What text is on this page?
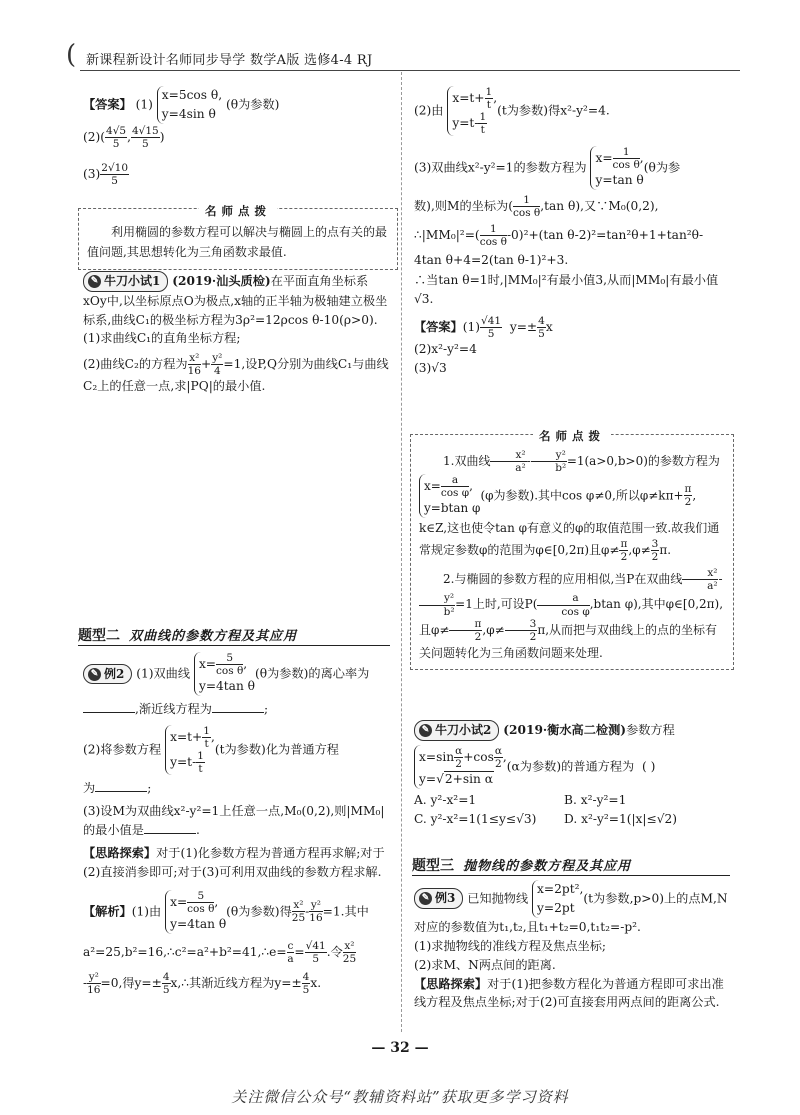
( 新课程新设计名师同步导学 数学A版 选修4-4 RJ
【答案】 (1)
x=5cos θ,
y=4sin θ
(θ为参数)
$(2)( \frac{4√5}{5}$ , $\frac{4√15}{5}$ )
$(3) \frac{2√10}{5}$
名师点拨
利用椭圆的参数方程可以解决与椭圆上的点有关的最值问题,其思想转化为三角函数求最值.
✎ 牛刀小试1 (2019·汕头质检)在平面直角坐标系xOy中,以坐标原点O为极点,x轴的正半轴为极轴建立极坐标系,曲线C₁的极坐标方程为3ρ²=12ρcos θ-10(ρ>0).
(1)求曲线C₁的直角坐标方程;
(2)曲线C₂的方程为 $\frac{\text{x²}}{16} + \frac{\text{y²}}{4} =1$,设P,Q分别为曲线C₁与曲线C₂上的任意一点,求|PQ|的最小值.
题型二 双曲线的参数方程及其应用
✎ 例2 (1)双曲线
$x= \frac{5}{\text{cos θ}}$ ,
y=4tan θ
(θ为参数)的离心率为
,渐近线方程为	;
(2)将参数方程
$x=t+ \frac{1}{t}$ ,
$y=t- \frac{1}{t}$
(t为参数)化为普通方程
为	;
(3)设M为双曲线x²-y²=1上任意一点,M₀(0,2),则|MM₀|的最小值是	.
【思路探索】对于(1)化参数方程为普通方程再求解;对于(2)直接消参即可;对于(3)可利用双曲线的参数方程求解.
【解析】(1)由
$x= \frac{5}{\text{cos θ}}$ ,
y=4tan θ
(θ为参数)得 $\frac{\text{x²}}{25} - \frac{\text{y²}}{16} =1$.其中
a²=25,b²=16,∴c²=a²+b²=41,∴e= $\frac{c}{a} = \frac{√41}{5}$ .令 $\frac{\text{x²}}{25}$
- $\frac{\text{y²}}{16} =0$,得$y=\pm \frac{4}{5}$ x,∴其渐近线方程为$y=\pm \frac{4}{5} x$.
(2)由
$x=t+ \frac{1}{t}$ ,
$y=t- \frac{1}{t}$
(t为参数)得x²-y²=4.
(3)双曲线x²-y²=1的参数方程为
$x= \frac{1}{\text{cos θ}}$ ,
y=tan θ
(θ为参
数),则M的坐标为( $\frac{1}{\text{cos θ}} ,\tan$ θ),又∵M₀(0,2),
∴|MM₀|²=( $\frac{1}{\text{cos θ}} -0)^2+(\tan$ θ-2)²=tan²θ+1+tan²θ-
4tan θ+4=2(tan θ-1)²+3.
∴当tan θ=1时,|MM₀|²有最小值3,从而|MM₀|有最小值√3.
【答案】$(1) \frac{√41}{5} y=\pm \frac{4}{5}$ x
(2)x²-y²=4
(3)√3
名师点拨
1.双曲线 $\frac{\text{x²}}{\text{a²}} - \frac{\text{y²}}{\text{b²}} =1(a>0,b>0)$的参数方程为
$x= \frac{a}{\text{cos φ}}$ ,
y=btan φ
(φ为参数).其中cos φ≠0,所以$\varphi\ne k\pi+ \frac{\pi}{2}$ ,
k∈Z,这也使令tan φ有意义的φ的取值范围一致.故我们通常规定参数φ的范围为φ∈[0,2π)且$\varphi\ne \frac{\pi}{2} ,\varphi\ne \frac{3}{2} \pi$.
2.与椭圆的参数方程的应用相似,当P在双曲线 $\frac{\text{x²}}{\text{a²}}$ -
$\frac{\text{y²}}{\text{b²}} =1$上时,可设$P( \frac{a}{\text{cos φ}} ,btan$ φ),其中φ∈[0,2π),且$\varphi\ne \frac{\pi}{2} ,\varphi\ne \frac{3}{2} \pi$,从而把与双曲线上的点的坐标有关问题转化为三角函数问题来处理.
✎ 牛刀小试2 (2019·衡水高二检测)参数方程
$x=\sin \frac{\alpha}{2} +\cos \frac{\alpha}{2}$ ,
y=√2+sin α
(α为参数)的普通方程为 ( )
A. y²-x²=1	B. x²-y²=1
C. y²-x²=1(1≤y≤√3)	D. x²-y²=1(|x|≤√2)
题型三 抛物线的参数方程及其应用
✎ 例3 已知抛物线
x=2pt²,
y=2pt
(t为参数,p>0)上的点M,N对应的参数值为t₁,t₂,且t₁+t₂=0,t₁t₂=-p².
(1)求抛物线的准线方程及焦点坐标;
(2)求M、N两点间的距离.
【思路探索】对于(1)把参数方程化为普通方程即可求出准线方程及焦点坐标;对于(2)可直接套用两点间的距离公式.
— 32 —
关注微信公众号“教辅资料站”获取更多学习资料
